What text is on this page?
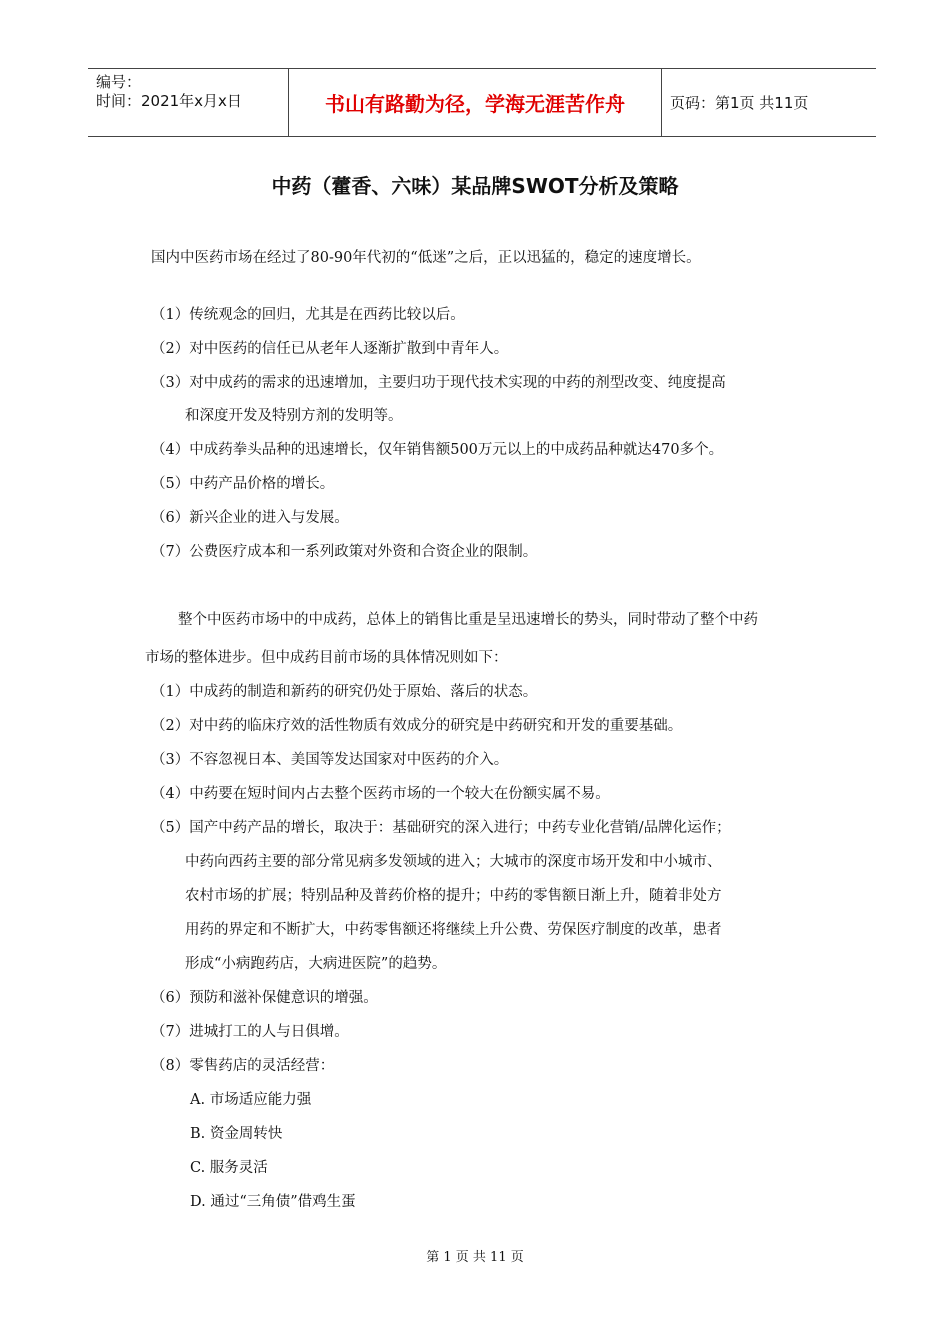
编号：
时间：2021年x月x日	书山有路勤为径，学海无涯苦作舟	页码：第1页 共11页
中药（藿香、六味）某品牌SWOT分析及策略
国内中医药市场在经过了80-90年代初的“低迷”之后，正以迅猛的，稳定的速度增长。
（1）传统观念的回归，尤其是在西药比较以后。
（2）对中医药的信任已从老年人逐渐扩散到中青年人。
（3）对中成药的需求的迅速增加，主要归功于现代技术实现的中药的剂型改变、纯度提高
和深度开发及特别方剂的发明等。
（4）中成药拳头品种的迅速增长，仅年销售额500万元以上的中成药品种就达470多个。
（5）中药产品价格的增长。
（6）新兴企业的进入与发展。
（7）公费医疗成本和一系列政策对外资和合资企业的限制。
整个中医药市场中的中成药，总体上的销售比重是呈迅速增长的势头，同时带动了整个中药
市场的整体进步。但中成药目前市场的具体情况则如下：
（1）中成药的制造和新药的研究仍处于原始、落后的状态。
（2）对中药的临床疗效的活性物质有效成分的研究是中药研究和开发的重要基础。
（3）不容忽视日本、美国等发达国家对中医药的介入。
（4）中药要在短时间内占去整个医药市场的一个较大在份额实属不易。
（5）国产中药产品的增长，取决于：基础研究的深入进行；中药专业化营销/品牌化运作；
中药向西药主要的部分常见病多发领域的进入；大城市的深度市场开发和中小城市、
农村市场的扩展；特别品种及普药价格的提升；中药的零售额日渐上升，随着非处方
用药的界定和不断扩大，中药零售额还将继续上升公费、劳保医疗制度的改革，患者
形成“小病跑药店，大病进医院”的趋势。
（6）预防和滋补保健意识的增强。
（7）进城打工的人与日俱增。
（8）零售药店的灵活经营：
A. 市场适应能力强
B. 资金周转快
C. 服务灵活
D. 通过“三角债”借鸡生蛋
第 1 页 共 11 页
